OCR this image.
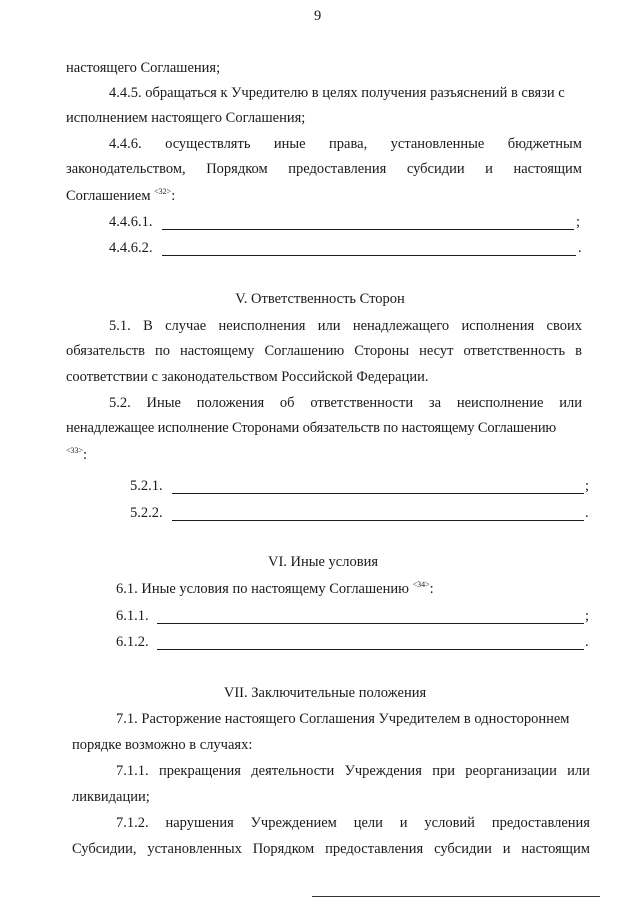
9
настоящего Соглашения;
4.4.5. обращаться к Учредителю в целях получения разъяснений в связи с
исполнением настоящего Соглашения;
4.4.6. осуществлять иные права, установленные бюджетным
законодательством, Порядком предоставления субсидии и настоящим
Соглашением $^{<32>}$:
4.4.6.1.	;
4.4.6.2.	.
V. Ответственность Сторон
5.1. В случае неисполнения или ненадлежащего исполнения своих
обязательств по настоящему Соглашению Стороны несут ответственность в
соответствии с законодательством Российской Федерации.
5.2. Иные положения об ответственности за неисполнение или
ненадлежащее исполнение Сторонами обязательств по настоящему Соглашению
$^{<33>}$:
5.2.1.	;
5.2.2.	.
VI. Иные условия
6.1. Иные условия по настоящему Соглашению $^{<34>}$:
6.1.1.	;
6.1.2.	.
VII. Заключительные положения
7.1. Расторжение настоящего Соглашения Учредителем в одностороннем
порядке возможно в случаях:
7.1.1. прекращения деятельности Учреждения при реорганизации или
ликвидации;
7.1.2. нарушения Учреждением цели и условий предоставления
Субсидии, установленных Порядком предоставления субсидии и настоящим
